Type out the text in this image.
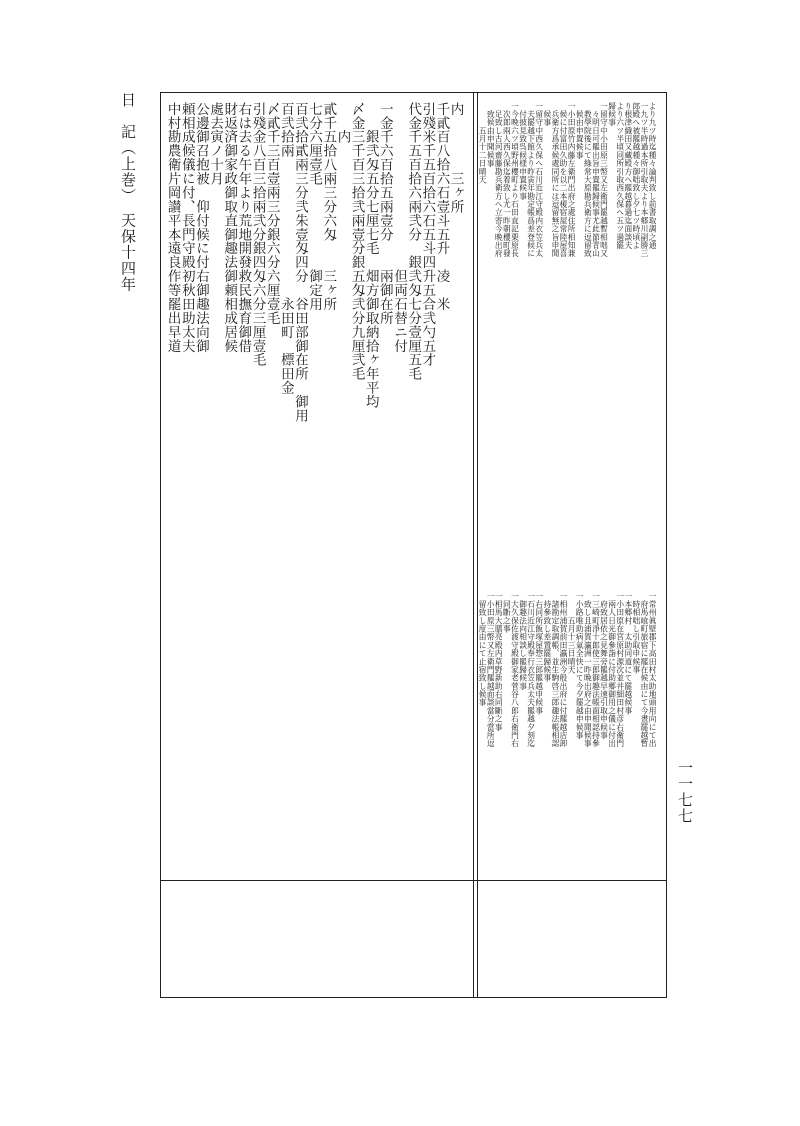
日　記（上巻）　天保十四年
一一七七
内　　　　三ヶ所
千貳百八拾六石壹斗五升　凌　米
引殘米千五百拾六石五斗四升五合弐勺五才
代金千五百拾六兩弐分　銀弐匁七分壹厘五毛
　　　　　　　　　　　　但両石替ニ付
一金千六百拾五兩壹分　　兩御在所
　　銀弐匁五分七厘七毛　畑方御取納拾ヶ年平均
〆金三千百三拾弐兩壹分銀五匁弐分九厘弐毛
　　内
貳千五拾八兩三分六匁　　三ヶ所
七分六厘壹毛　　　　　　御定用
百弐拾貳兩三分弐朱壹匁四分　谷田部御在所　御用
百弐拾兩　　　　　　　　　　永田町　標田金
〆貳千三百壹兩三分銀六分六厘壹毛
引殘金八百三拾兩弐分銀四匁六分三厘壹毛
右は去る午年より荒地開發救民撫育御借
財返済御家政御取直御趣法御頼相成居候
處去寅ノ十月
公邊御召抱被　仰付候に付右御趣法向御
頼相成候儀に付、長門守殿初秋田助太夫
中村勘農衛片岡讃平本遠良作等罷出早道	より九ツ時迄種々論判致し前書取調之通
一九ツ半時過本所引取夫より本郷川副勝三
郎殿へ被罷越種々御咄致し夕七ツ時頃よ
り根津織田又藏殿方へ罷越暮過迄面談夫
より六ツ半頃同所引取西久保へ五ツ過罷
歸候事
一留守中小田原三幣又左衛門罷越暫相咄又
　々明日可罷出旨申置罷歸候事尤此節青山
　教學院後にて綠常大原勘兵衛方に逗留致
　候由申置候事
一小田原竹内藤左衛門出府之處住所相知兼
　候に付富田久助を以二本榎宿屋常陸屋喜
　兵衛方爲承候處同所には逗留無之旨申聞
　候事
一留守中西久保へ石川近江守殿内衣笠兵太
　夫罷越下館より昨寅年勘定帳爲差登候に
　付披見致呉候様申置候事
一今晩六ツ頃野州櫻町より石田直記栗原長
　次郎兩人西久保迄着致し尤一昨朝櫻町發
　足致し古河齋藤勘兵衛方へ立寄今晩出府
　致候由申聞候事
　　　五月十二日晴天
一常州眞壁郡下高田村太助地頭用向にて出
　府馬喰町旅宿に罷在候由にて今晝罷越暫
　時相咄し引取申候事
一本郷村　太助同道にて罷越候事
一小田原在宮原村源次並井細田村彦右衛門
　兩人日光御參詣に付助郷御用之儀に付出
　府致居依之見舞旁罷越早速引取申候事
一三崎町淨十郎使三郎御趣法帳面相認持參
　致し且浦賀瀛洲一昨晩出府之由申聞候事
一小路唯助病氣全快にて今夕罷越申候事
　　　五月十三日晴天
一相州浦賀前田瀛洲今般出府に付罷越店卸
　諸勘定取調帳、並生駒啓三郎趣法帳相認
　持參致し差置罷歸候事
一右同所飯塚屋惣三郎罷越申候事
一石川近江守殿奉行衣笠兵太夫罷越夕刻迄
　御趣法向相談し罷歸候事
一大久保佐渡守殿御家老菅谷八郎右衛門右
　同斷之事
一相馬大膳亮殿内草野新助右同斷之事
一小田原三幣又左衛門罷越面談當分當所逗
　留致し度由にて止宿致し候事
